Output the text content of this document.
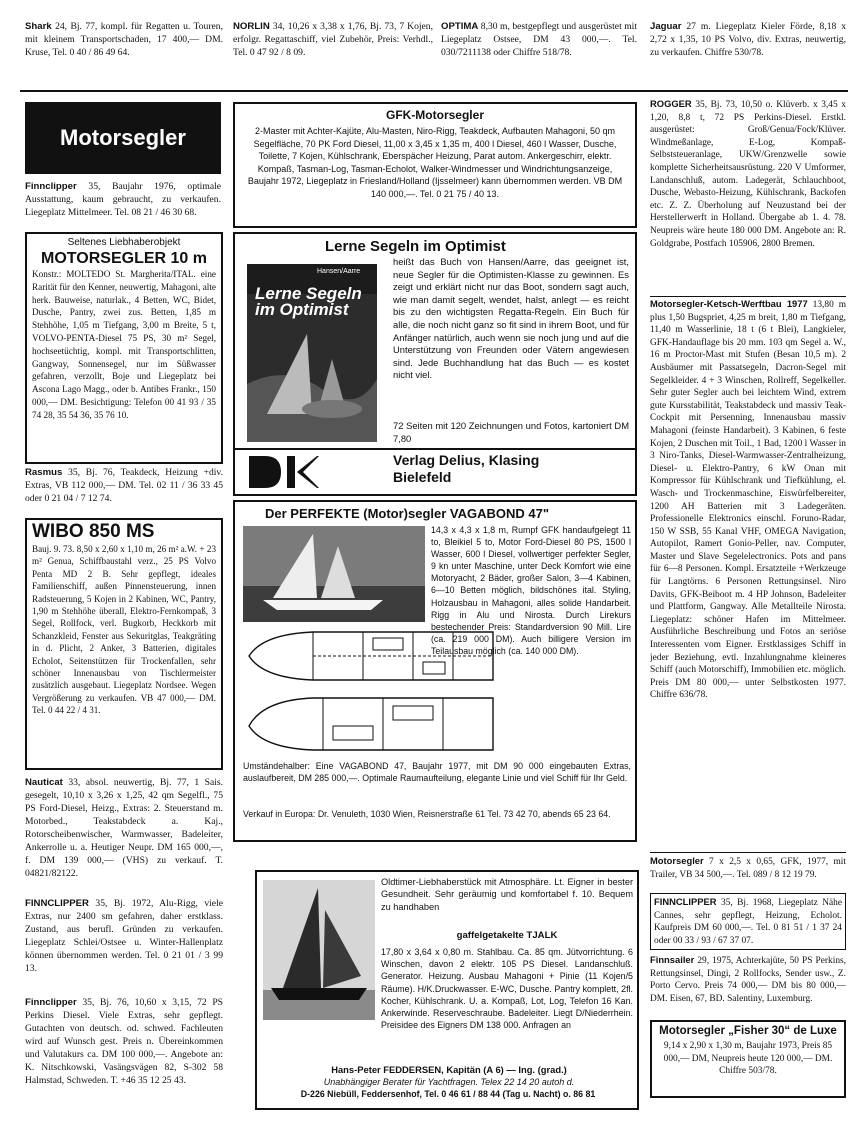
Shark 24, Bj. 77, kompl. für Regatten u. Touren, mit kleinem Transportschaden, 17 400,— DM. Kruse, Tel. 0 40 / 86 49 64.

NORLIN 34, 10,26 x 3,38 x 1,76, Bj. 73, 7 Kojen, erfolgr. Regattaschiff, viel Zubehör, Preis: Verhdl., Tel. 0 47 92 / 8 09.

OPTIMA 8,30 m, bestgepflegt und ausgerüstet mit Liegeplatz Ostsee, DM 43 000,—. Tel. 030/7211138 oder Chiffre 518/78.

Jaguar 27 m. Liegeplatz Kieler Förde, 8,18 x 2,72 x 1,35, 10 PS Volvo, div. Extras, neuwertig, zu verkaufen. Chiffre 530/78.

Motorsegler

Finnclipper 35, Baujahr 1976, optimale Ausstattung, kaum gebraucht, zu verkaufen. Liegeplatz Mittelmeer. Tel. 08 21 / 46 30 68.

Seltenes Liebhaberobjekt

MOTORSEGLER 10 m

Konstr.: MOLTEDO St. Margherita/ITAL. eine Rarität für den Kenner, neuwertig, Mahagoni, alte herk. Bauweise, naturlak., 4 Betten, WC, Bidet, Dusche, Pantry, zwei zus. Betten, 1,85 m Stehhöhe, 1,05 m Tiefgang, 3,00 m Breite, 5 t, VOLVO-PENTA-Diesel 75 PS, 30 m² Segel, hochseetüchtig, kompl. mit Transportschlitten, Gangway, Sonnensegel, nur im Süßwasser gefahren, verzollt, Boje und Liegeplatz bei Ascona Lago Magg., oder b. Antibes Frankr., 150 000,— DM. Besichtigung: Telefon 00 41 93 / 35 74 28, 35 54 36, 35 76 10.

Rasmus 35, Bj. 76, Teakdeck, Heizung +div. Extras, VB 112 000,— DM. Tel. 02 11 / 36 33 45 oder 0 21 04 / 7 12 74.

WIBO 850 MS

Bauj. 9. 73. 8,50 x 2,60 x 1,10 m, 26 m² a.W. + 23 m² Genua, Schiffbaustahl verz., 25 PS Volvo Penta MD 2 B. Sehr gepflegt, ideales Familienschiff, außen Pinnensteuerung, innen Radsteuerung, 5 Kojen in 2 Kabinen, WC, Pantry, 1,90 m Stehhöhe überall, Elektro-Fernkompaß, 3 Segel, Rollfock, verl. Bugkorb, Heckkorb mit Schanzkleid, Fenster aus Sekuritglas, Teakgräting in d. Plicht, 2 Anker, 3 Batterien, digitales Echolot, Seitenstützen für Trockenfallen, sehr schöner Innenausbau von Tischlermeister zusätzlich ausgebaut. Liegeplatz Nordsee. Wegen Vergrößerung zu verkaufen. VB 47 000,— DM. Tel. 0 44 22 / 4 31.

Nauticat 33, absol. neuwertig, Bj. 77, 1 Sais. gesegelt, 10,10 x 3,26 x 1,25, 42 qm Segelfl., 75 PS Ford-Diesel, Heizg., Extras: 2. Steuerstand m. Motorbed., Teakstabdeck a. Kaj., Rotorscheibenwischer, Warmwasser, Badeleiter, Ankerrolle u. a. Heutiger Neupr. DM 165 000,—, f. DM 139 000,— (VHS) zu verkauf. T. 04821/82122.

FINNCLIPPER 35, Bj. 1972, Alu-Rigg, viele Extras, nur 2400 sm gefahren, daher erstklass. Zustand, aus berufl. Gründen zu verkaufen. Liegeplatz Schlei/Ostsee u. Winter-Hallenplatz können übernommen werden. Tel. 0 21 01 / 3 99 13.

Finnclipper 35, Bj. 76, 10,60 x 3,15, 72 PS Perkins Diesel. Viele Extras, sehr gepflegt. Gutachten von deutsch. od. schwed. Fachleuten wird auf Wunsch gest. Preis n. Übereinkommen und Valutakurs ca. DM 100 000,—. Angebote an: K. Nitschkowski, Vasängsvägen 82, S-302 58 Halmstad, Schweden. T. +46 35 12 25 43.

GFK-Motorsegler

2-Master mit Achter-Kajüte, Alu-Masten, Niro-Rigg, Teakdeck, Aufbauten Mahagoni, 50 qm Segelfläche, 70 PK Ford Diesel, 11,00 x 3,45 x 1,35 m, 400 l Diesel, 460 l Wasser, Dusche, Toilette, 7 Kojen, Kühlschrank, Eberspächer Heizung, Parat autom. Ankergeschirr, elektr. Kompaß, Tasman-Log, Tasman-Echolot, Walker-Windmesser und Windrichtungsanzeige, Baujahr 1972, Liegeplatz in Friesland/Holland (Ijsselmeer) kann übernommen werden. VB DM 140 000,—. Tel. 0 21 75 / 40 13.

Lerne Segeln im Optimist

Hansen/Aarre
Lerne Segeln im Optimist

heißt das Buch von Hansen/Aarre, das geeignet ist, neue Segler für die Optimisten-Klasse zu gewinnen. Es zeigt und erklärt nicht nur das Boot, sondern sagt auch, wie man damit segelt, wendet, halst, anlegt — es reicht bis zu den wichtigsten Regatta-Regeln. Ein Buch für alle, die noch nicht ganz so fit sind in ihrem Boot, und für Anfänger natürlich, auch wenn sie noch jung und auf die Unterstützung von Freunden oder Vätern angewiesen sind. Jede Buchhandlung hat das Buch — es kostet nicht viel.

72 Seiten mit 120 Zeichnungen und Fotos, kartoniert DM 7,80

Verlag Delius, Klasing

Bielefeld

Der PERFEKTE (Motor)segler VAGABOND 47"

14,3 x 4,3 x 1,8 m, Rumpf GFK handaufgelegt 11 to, Bleikiel 5 to, Motor Ford-Diesel 80 PS, 1500 l Wasser, 600 l Diesel, vollwertiger perfekter Segler, 9 kn unter Maschine, unter Deck Komfort wie eine Motoryacht, 2 Bäder, großer Salon, 3—4 Kabinen, 6—10 Betten möglich, bildschönes ital. Styling, Holzausbau in Mahagoni, alles solide Handarbeit. Rigg in Alu und Nirosta. Durch Lirekurs bestechender Preis: Standardversion 90 Mill. Lire (ca. 219 000 DM). Auch billigere Version im Teilausbau möglich (ca. 140 000 DM).

Umständehalber: Eine VAGABOND 47, Baujahr 1977, mit DM 90 000 eingebauten Extras, auslaufbereit, DM 285 000,—. Optimale Raumaufteilung, elegante Linie und viel Schiff für Ihr Geld.

Verkauf in Europa: Dr. Venuleth, 1030 Wien, Reisnerstraße 61 Tel. 73 42 70, abends 65 23 64.

Oldtimer-Liebhaberstück mit Atmosphäre. Lt. Eigner in bester Gesundheit. Sehr geräumig und komfortabel f. 10. Bequem zu handhaben

gaffelgetakelte TJALK

17,80 x 3,64 x 0,80 m. Stahlbau. Ca. 85 qm. Jütvorrichtung. 6 Winschen, davon 2 elektr. 105 PS Diesel. Landanschluß. Generator. Heizung. Ausbau Mahagoni + Pinie (11 Kojen/5 Räume). H/K.Druckwasser. E-WC, Dusche. Pantry komplett, 2fl. Kocher, Kühlschrank. U. a. Kompaß, Lot, Log, Telefon 16 Kan. Ankerwinde. Reserveschraube. Badeleiter. Liegt D/Niederrhein. Preisidee des Eigners DM 138 000. Anfragen an

Hans-Peter FEDDERSEN, Kapitän (A 6) — Ing. (grad.)

Unabhängiger Berater für Yachtfragen. Telex 22 14 20 autoh d.

D-226 Niebüll, Feddersenhof, Tel. 0 46 61 / 88 44 (Tag u. Nacht) o. 86 81

ROGGER 35, Bj. 73, 10,50 o. Klüverb. x 3,45 x 1,20, 8,8 t, 72 PS Perkins-Diesel. Erstkl. ausgerüstet: Groß/Genua/Fock/Klüver. Windmeßanlage, E-Log, Kompaß-Selbststeueranlage, UKW/Grenzwelle sowie komplette Sicherheitsausrüstung. 220 V Umformer, Landanschluß, autom. Ladegerät, Schlauchboot, Dusche, Webasto-Heizung, Kühlschrank, Backofen etc. Z. Z. Überholung auf Neuzustand bei der Herstellerwerft in Holland. Übergabe ab 1. 4. 78. Neupreis wäre heute 180 000 DM. Angebote an: R. Goldgrabe, Postfach 105906, 2800 Bremen.

Motorsegler-Ketsch-Werftbau 1977 13,80 m plus 1,50 Bugspriet, 4,25 m breit, 1,80 m Tiefgang, 11,40 m Wasserlinie, 18 t (6 t Blei), Langkieler, GFK-Handauflage bis 20 mm. 103 qm Segel a. W., 16 m Proctor-Mast mit Stufen (Besan 10,5 m). 2 Ausbäumer mit Passatsegeln, Dacron-Segel mit Segelkleider. 4 + 3 Winschen, Rollreff, Segelkeller. Sehr guter Segler auch bei leichtem Wind, extrem gute Kursstabilität, Teakstabdeck und massiv Teak-Cockpit mit Persenning, Innenausbau massiv Mahagoni (feinste Handarbeit). 3 Kabinen, 6 feste Kojen, 2 Duschen mit Toil., 1 Bad, 1200 l Wasser in 3 Niro-Tanks, Diesel-Warmwasser-Zentralheizung, Diesel- u. Elektro-Pantry, 6 kW Onan mit Kompressor für Kühlschrank und Tiefkühlung, el. Wasch- und Trockenmaschine, Eiswürfelbereiter, 1200 AH Batterien mit 3 Ladegeräten. Professionelle Elektronics einschl. Foruno-Radar, 150 W SSB, 55 Kanal VHF, OMEGA Navigation, Autopilot, Ramert Gonio-Peller, nav. Computer, Master und Slave Segelelectronics. Pots and pans für 6—8 Personen. Kompl. Ersatzteile +Werkzeuge für Langtörns. 6 Personen Rettungsinsel. Niro Davits, GFK-Beiboot m. 4 HP Johnson, Badeleiter und Plattform, Gangway. Alle Metallteile Nirosta. Liegeplatz: schöner Hafen im Mittelmeer. Ausführliche Beschreibung und Fotos an seriöse Interessenten vom Eigner. Erstklassiges Schiff in jeder Beziehung, evtl. Inzahlungnahme kleineres Schiff (auch Motorschiff), Immobilien etc. möglich. Preis DM 80 000,— unter Selbstkosten 1977. Chiffre 636/78.

Motorsegler 7 x 2,5 x 0,65, GFK, 1977, mit Trailer, VB 34 500,—. Tel. 089 / 8 12 19 79.

FINNCLIPPER 35, Bj. 1968, Liegeplatz Nähe Cannes, sehr gepflegt, Heizung, Echolot. Kaufpreis DM 60 000,—. Tel. 0 81 51 / 1 37 24 oder 00 33 / 93 / 67 37 07.

Finnsailer 29, 1975, Achterkajüte, 50 PS Perkins, Rettungsinsel, Dingi, 2 Rollfocks, Sender usw., Z. Porto Cervo. Preis 74 000,— DM bis 80 000,— DM. Eisen, 67, BD. Salentiny, Luxemburg.

Motorsegler „Fisher 30“ de Luxe

9,14 x 2,90 x 1,30 m, Baujahr 1973, Preis 85 000,— DM, Neupreis heute 120 000,— DM. Chiffre 503/78.
